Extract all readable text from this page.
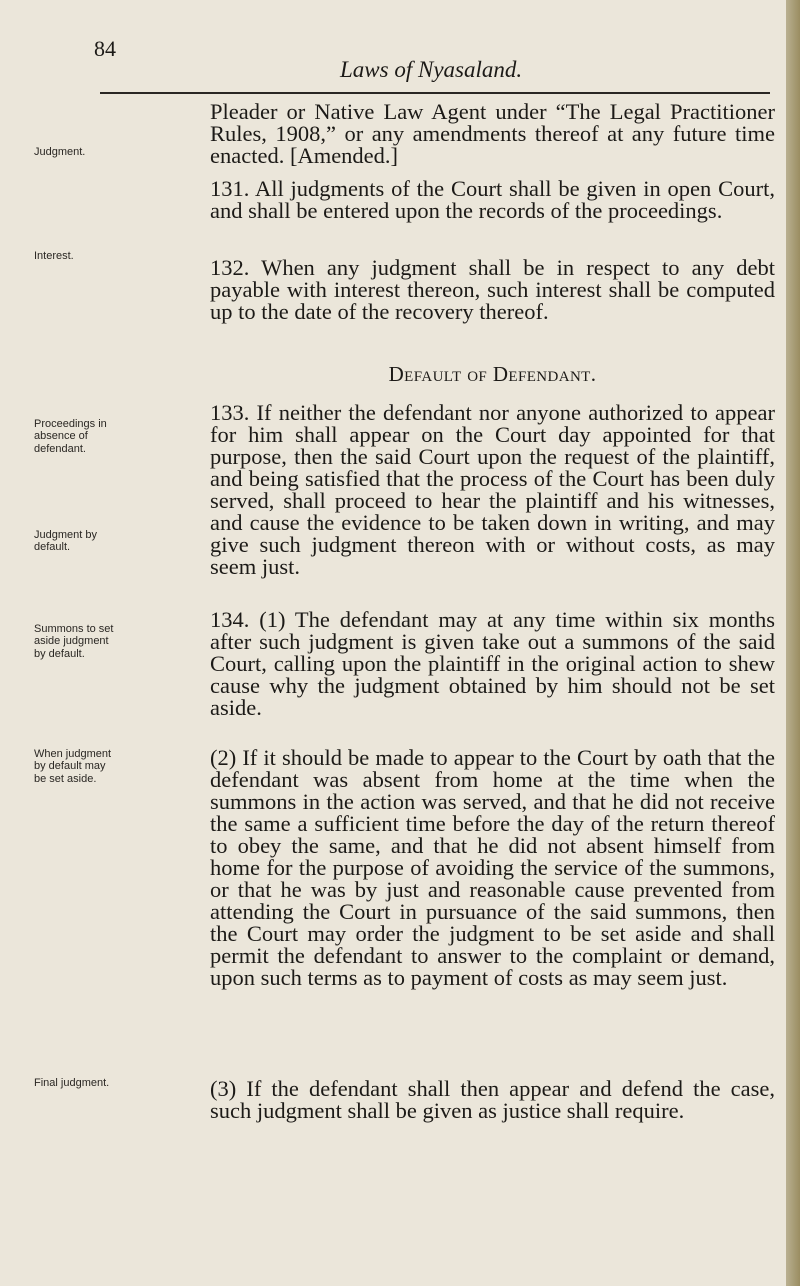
84
Laws of Nyasaland.
Judgment.
Interest.
Proceedings in absence of defendant.
Judgment by default.
Summons to set aside judgment by default.
When judgment by default may be set aside.
Final judgment.

Pleader or Native Law Agent under “The Legal Practitioner Rules, 1908,” or any amendments thereof at any future time enacted. [Amended.]

131. All judgments of the Court shall be given in open Court, and shall be entered upon the records of the proceedings.

132. When any judgment shall be in respect to any debt payable with interest thereon, such interest shall be computed up to the date of the recovery thereof.

Default of Defendant.

133. If neither the defendant nor anyone authorized to appear for him shall appear on the Court day appointed for that purpose, then the said Court upon the request of the plaintiff, and being satisfied that the process of the Court has been duly served, shall proceed to hear the plaintiff and his witnesses, and cause the evidence to be taken down in writing, and may give such judgment thereon with or without costs, as may seem just.

134. (1) The defendant may at any time within six months after such judgment is given take out a summons of the said Court, calling upon the plaintiff in the original action to shew cause why the judgment obtained by him should not be set aside.

(2) If it should be made to appear to the Court by oath that the defendant was absent from home at the time when the summons in the action was served, and that he did not receive the same a sufficient time before the day of the return thereof to obey the same, and that he did not absent himself from home for the purpose of avoiding the service of the summons, or that he was by just and reasonable cause prevented from attending the Court in pursuance of the said summons, then the Court may order the judgment to be set aside and shall permit the defendant to answer to the complaint or demand, upon such terms as to payment of costs as may seem just.

(3) If the defendant shall then appear and defend the case, such judgment shall be given as justice shall require.
